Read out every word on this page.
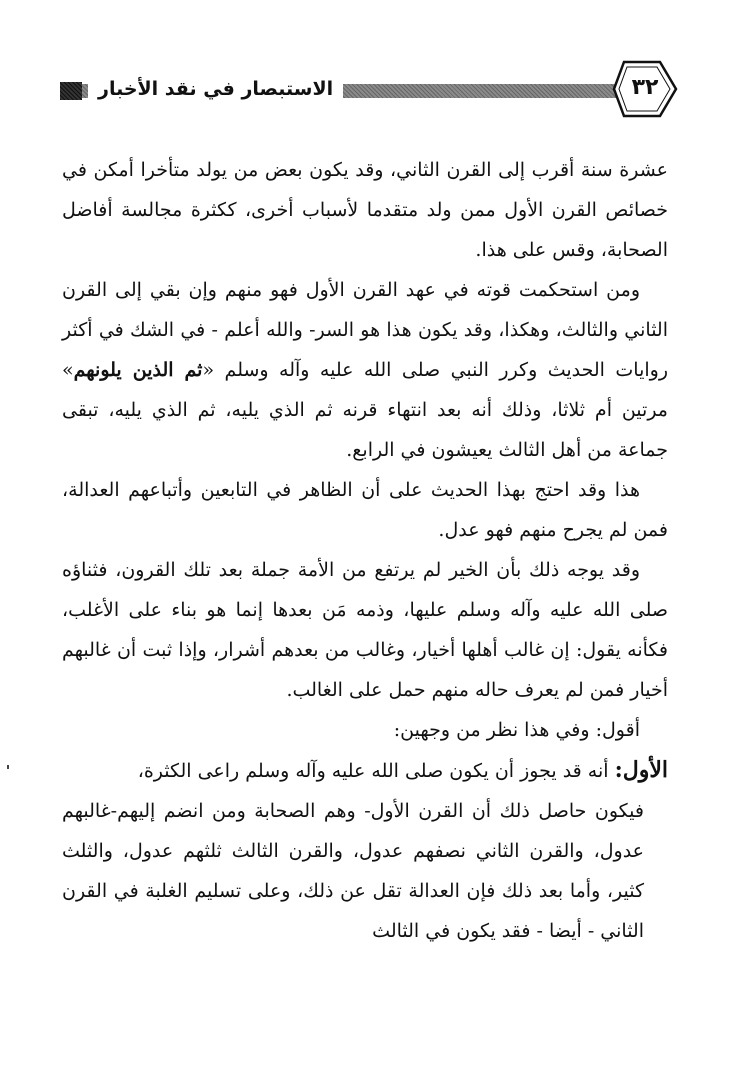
الاستبصار في نقد الأخبار	٣٢

عشرة سنة أقرب إلى القرن الثاني، وقد يكون بعض من يولد متأخرا أمكن في خصائص القرن الأول ممن ولد متقدما لأسباب أخرى، ككثرة مجالسة أفاضل الصحابة، وقس على هذا.

ومن استحكمت قوته في عهد القرن الأول فهو منهم وإن بقي إلى القرن الثاني والثالث، وهكذا، وقد يكون هذا هو السر- والله أعلم - في الشك في أكثر روايات الحديث وكرر النبي صلى الله عليه وآله وسلم «ثم الذين يلونهم» مرتين أم ثلاثا، وذلك أنه بعد انتهاء قرنه ثم الذي يليه، ثم الذي يليه، تبقى جماعة من أهل الثالث يعيشون في الرابع.

هذا وقد احتج بهذا الحديث على أن الظاهر في التابعين وأتباعهم العدالة، فمن لم يجرح منهم فهو عدل.

وقد يوجه ذلك بأن الخير لم يرتفع من الأمة جملة بعد تلك القرون، فثناؤه صلى الله عليه وآله وسلم عليها، وذمه مَن بعدها إنما هو بناء على الأغلب، فكأنه يقول: إن غالب أهلها أخيار، وغالب من بعدهم أشرار، وإذا ثبت أن غالبهم أخيار فمن لم يعرف حاله منهم حمل على الغالب.

أقول: وفي هذا نظر من وجهين:

الأول: أنه قد يجوز أن يكون صلى الله عليه وآله وسلم راعى الكثرة،

فيكون حاصل ذلك أن القرن الأول- وهم الصحابة ومن انضم إليهم-غالبهم عدول، والقرن الثاني نصفهم عدول، والقرن الثالث ثلثهم عدول، والثلث كثير، وأما بعد ذلك فإن العدالة تقل عن ذلك، وعلى تسليم الغلبة في القرن الثاني - أيضا - فقد يكون في الثالث
